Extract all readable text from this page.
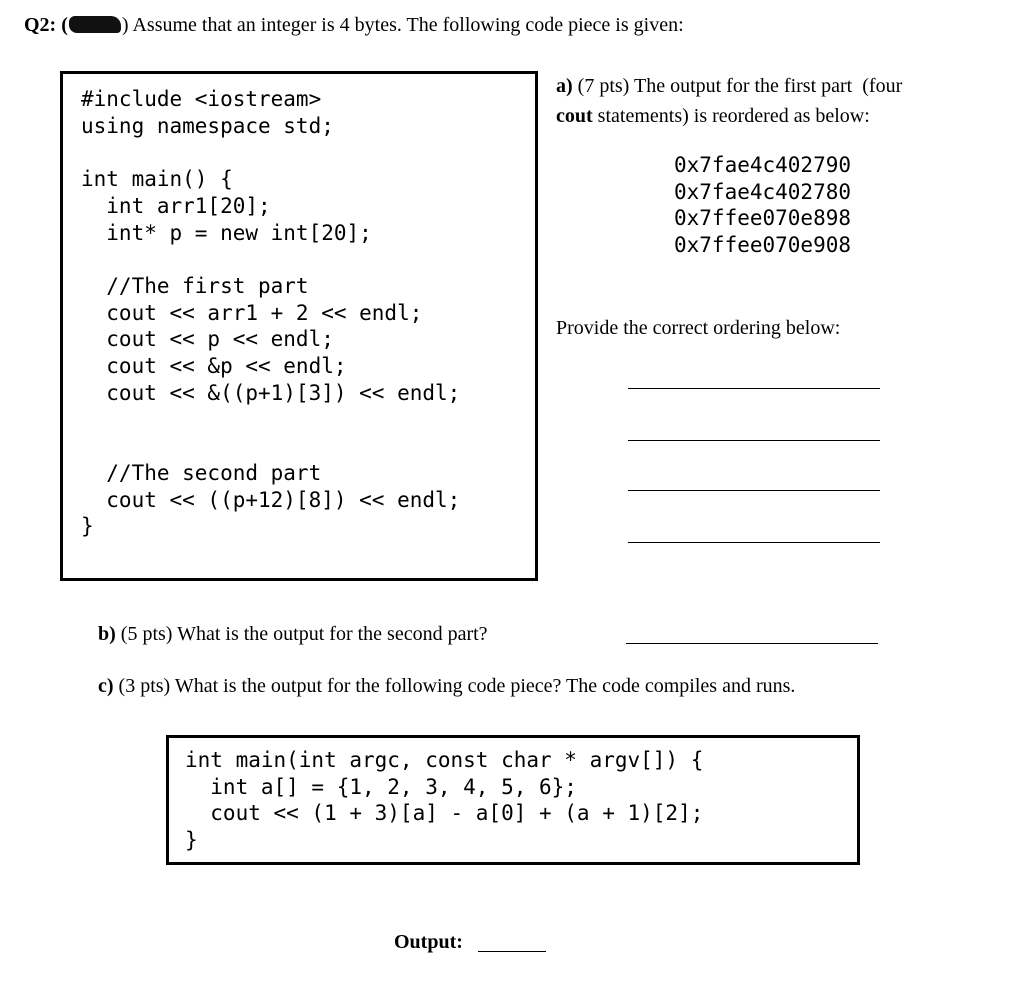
Q2: (	) Assume that an integer is 4 bytes. The following code piece is given:
#include <iostream>
using namespace std;

int main() {
int arr1[20];
int* p = new int[20];

//The first part
cout << arr1 + 2 << endl;
cout << p << endl;
cout << &p << endl;
cout << &((p+1)[3]) << endl;

//The second part
cout << ((p+12)[8]) << endl;
}
a) (7 pts) The output for the first part  (four
cout statements) is reordered as below:
0x7fae4c402790
0x7fae4c402780
0x7ffee070e898
0x7ffee070e908
Provide the correct ordering below:
b) (5 pts) What is the output for the second part?
c) (3 pts) What is the output for the following code piece? The code compiles and runs.
int main(int argc, const char * argv[]) {
int a[] = {1, 2, 3, 4, 5, 6};
cout << (1 + 3)[a] - a[0] + (a + 1)[2];
}
Output:
